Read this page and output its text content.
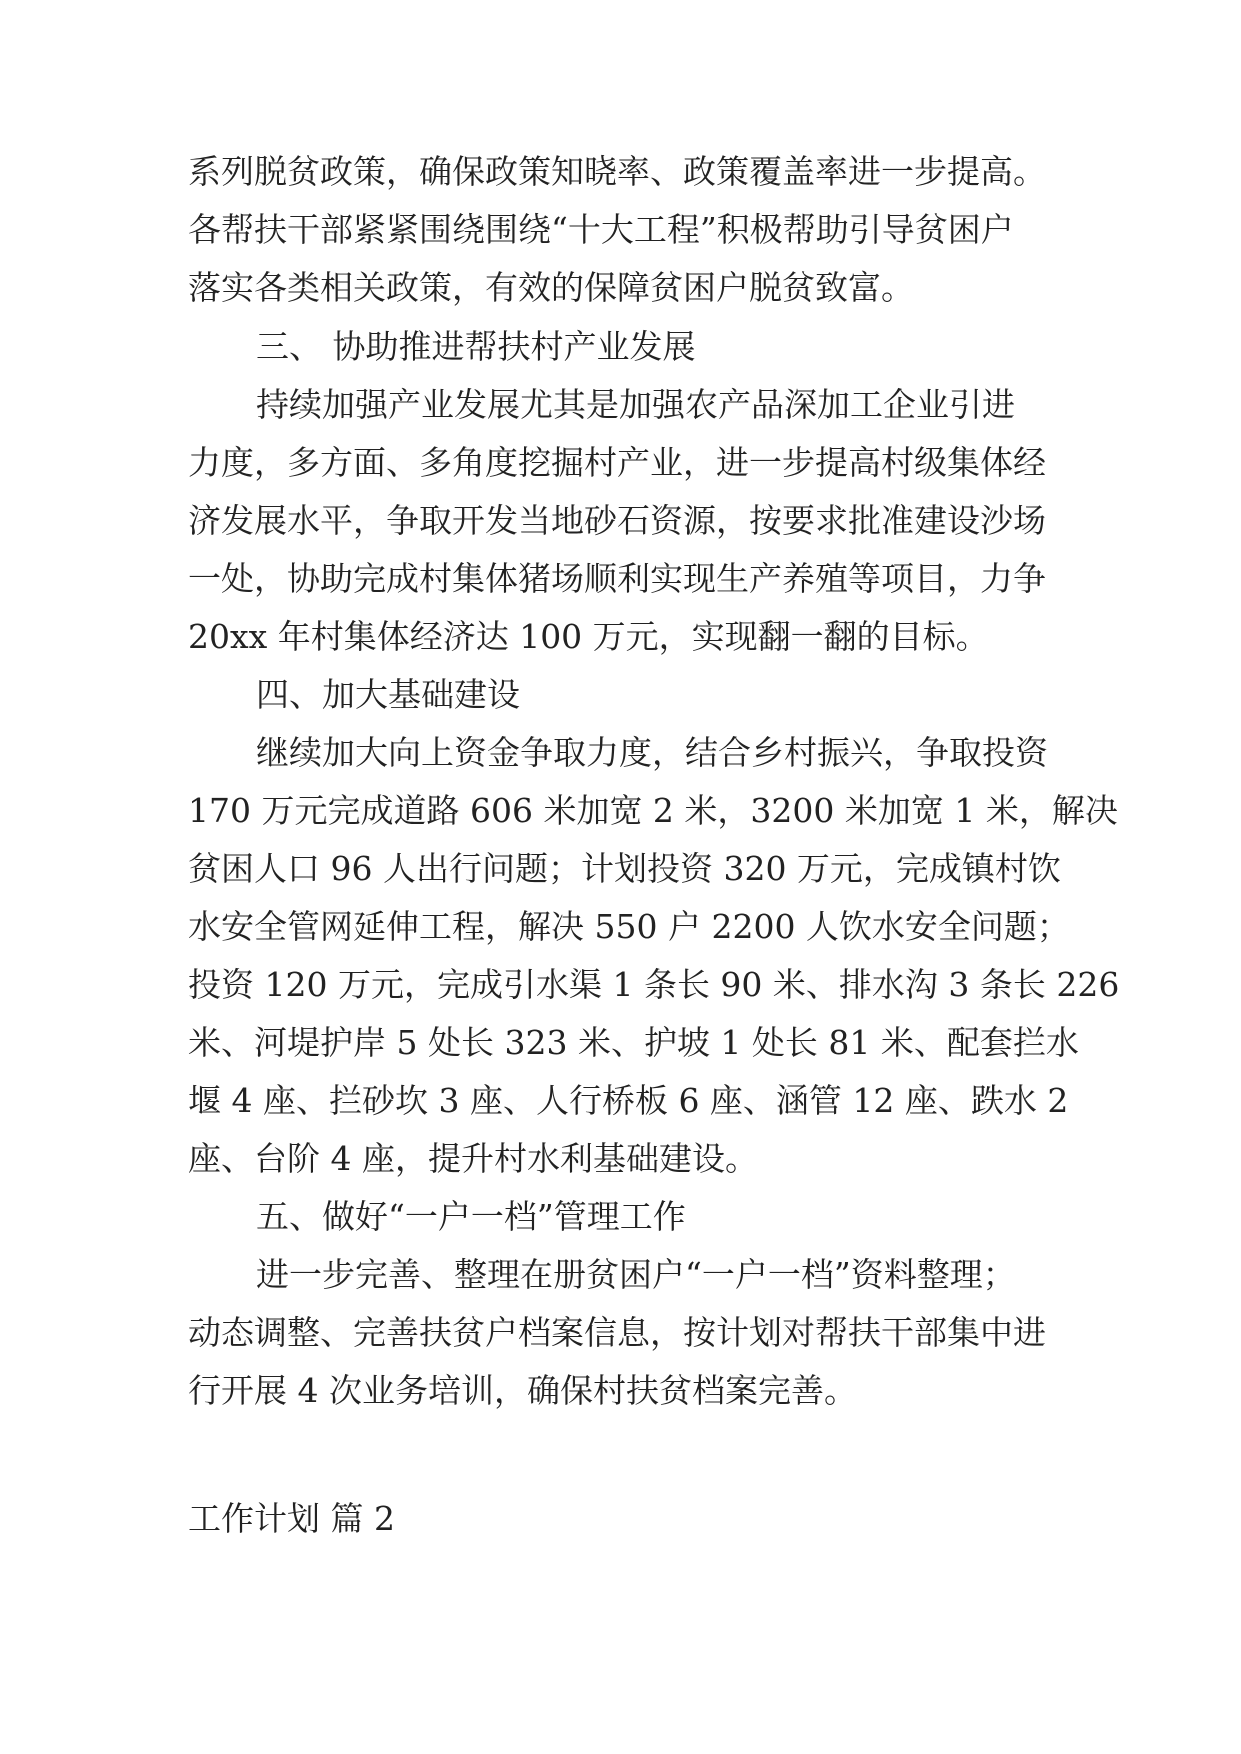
系列脱贫政策，确保政策知晓率、政策覆盖率进一步提高。
各帮扶干部紧紧围绕围绕“十大工程”积极帮助引导贫困户
落实各类相关政策，有效的保障贫困户脱贫致富。
三、 协助推进帮扶村产业发展
持续加强产业发展尤其是加强农产品深加工企业引进
力度，多方面、多角度挖掘村产业，进一步提高村级集体经
济发展水平，争取开发当地砂石资源，按要求批准建设沙场
一处，协助完成村集体猪场顺利实现生产养殖等项目，力争
20xx 年村集体经济达 100 万元，实现翻一翻的目标。
四、加大基础建设
继续加大向上资金争取力度，结合乡村振兴，争取投资
170 万元完成道路 606 米加宽 2 米，3200 米加宽 1 米，解决
贫困人口 96 人出行问题；计划投资 320 万元，完成镇村饮
水安全管网延伸工程，解决 550 户 2200 人饮水安全问题；
投资 120 万元，完成引水渠 1 条长 90 米、排水沟 3 条长 226
米、河堤护岸 5 处长 323 米、护坡 1 处长 81 米、配套拦水
堰 4 座、拦砂坎 3 座、人行桥板 6 座、涵管 12 座、跌水 2
座、台阶 4 座，提升村水利基础建设。
五、做好“一户一档”管理工作
进一步完善、整理在册贫困户“一户一档”资料整理；
动态调整、完善扶贫户档案信息，按计划对帮扶干部集中进
行开展 4 次业务培训，确保村扶贫档案完善。
工作计划 篇 2
